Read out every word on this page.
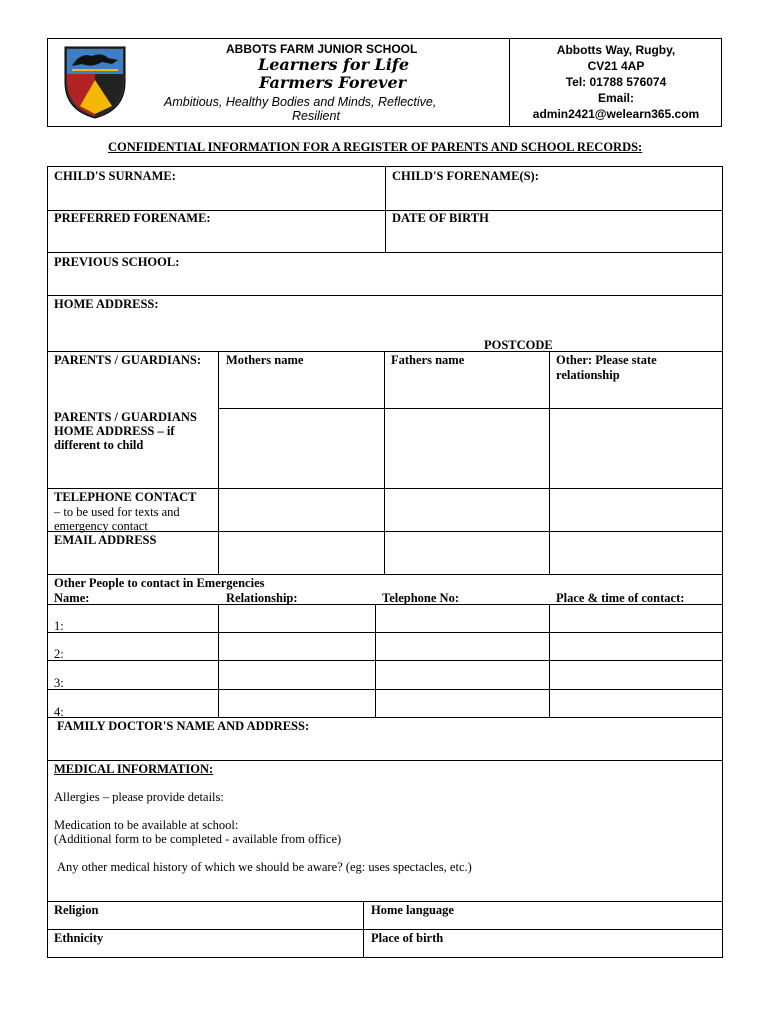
ABBOTS FARM JUNIOR SCHOOL
Learners for Life
Farmers Forever
Ambitious, Healthy Bodies and Minds, Reflective,
Resilient
Abbotts Way, Rugby,
CV21 4AP
Tel: 01788 576074
Email:
admin2421@welearn365.com
CONFIDENTIAL INFORMATION FOR A REGISTER OF PARENTS AND SCHOOL RECORDS:
CHILD'S SURNAME:	CHILD'S FORENAME(S):
PREFERRED FORENAME:	DATE OF BIRTH
PREVIOUS SCHOOL:
HOME ADDRESS:
POSTCODE
PARENTS / GUARDIANS: Mothers name	Fathers name	Other: Please state
relationship
PARENTS / GUARDIANS
HOME ADDRESS – if
different to child
TELEPHONE CONTACT
– to be used for texts and
emergency contact
EMAIL ADDRESS
Other People to contact in Emergencies
Name:	Relationship:	Telephone No:	Place & time of contact:
1:
2:
3:
4:
FAMILY DOCTOR'S NAME AND ADDRESS:
MEDICAL INFORMATION:
Allergies – please provide details:
Medication to be available at school:
(Additional form to be completed - available from office)
Any other medical history of which we should be aware? (eg: uses spectacles, etc.)
Religion	Home language
Ethnicity	Place of birth
